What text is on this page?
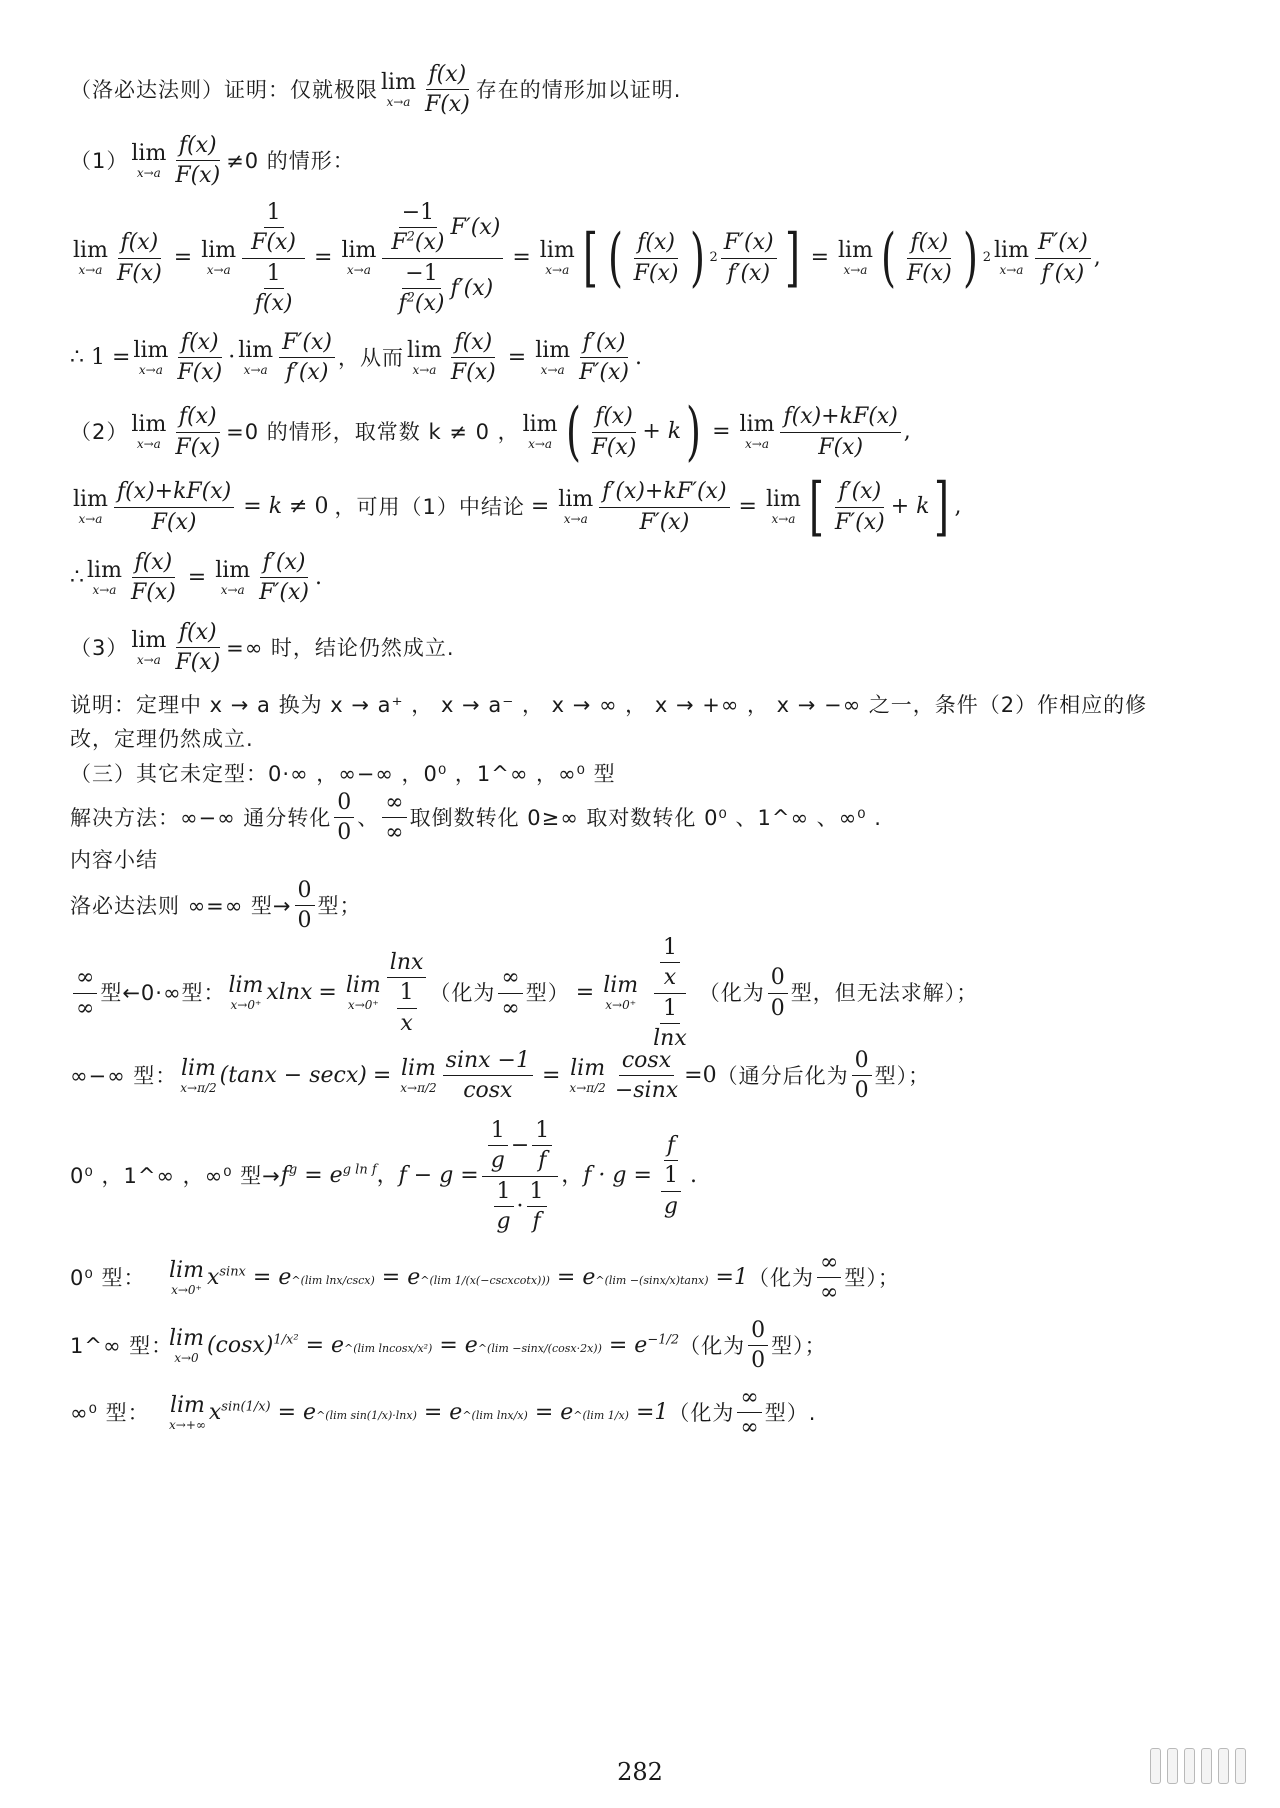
（洛必达法则）证明：仅就极限 lim
$x\to a \frac{f(x)}{F(x)}$ 存在的情形加以证明.
（1） lim
$x\to a \frac{f(x)}{F(x)} \ne 0$ 的情形：
lim
$x\to a \frac{f(x)}{F(x)} = \lim$
$x\to a \frac{\frac{1}{F(x)}}{\frac{1}{f(x)}} = \lim$
$x\to a \frac{\frac{-1}{F^2(x)} F'(x)}{\frac{-1}{f^2(x)} f'(x)} = \lim$
x→a	( [ $\frac{f(x)}{F(x)}$
) $2 \frac{F'(x)}{f'(x)}$
] = lim
x→a ( $\frac{f(x)}{F(x)}$
) 2 lim
$x\to a \frac{F'(x)}{f'(x)}$ ,
∴ 1 = lim
$x\to a \frac{f(x)}{F(x)} \cdot \lim$
$x\to a \frac{F'(x)}{f'(x)}$ ，从而 lim
$x\to a \frac{f(x)}{F(x)} = \lim$
$x\to a \frac{f'(x)}{F'(x)}$ .
（2） lim
$x\to a \frac{f(x)}{F(x)} =0$ 的情形，取常数 k ≠ 0 ， lim
x→a ( $\frac{f(x)}{F(x)} + k$
) = lim
$x\to a \frac{f(x)+kF(x)}{F(x)}$ ,
lim
$x\to a \frac{f(x)+kF(x)}{F(x)} = k \ne 0$ ，可用（1）中结论 = lim
$x\to a \frac{f'(x)+kF'(x)}{F'(x)} = \lim$
x→a [ $\frac{f'(x)}{F'(x)} + k$
] ,
∴ lim
$x\to a \frac{f(x)}{F(x)} = \lim$
$x\to a \frac{f'(x)}{F'(x)}$ .
（3） lim
$x\to a \frac{f(x)}{F(x)}$ =∞ 时，结论仍然成立.
说明：定理中 x → a 换为 x → a⁺ ， x → a⁻ ， x → ∞ ， x → +∞ ， x → −∞ 之一，条件（2）作相应的修
改，定理仍然成立.
（三）其它未定型：0·∞ ，∞−∞ ，0⁰ ，1^∞ ，∞⁰ 型
解决方法：∞−∞ 通分转化 $\frac{0}{0}$ 、 $\frac{\infty}{\infty}$ 取倒数转化 0≥∞ 取对数转化 0⁰ 、1^∞ 、∞⁰ .
内容小结
洛必达法则 ∞=∞ 型→ $\frac{0}{0}$ 型；
$\frac{\infty}{\infty}$ 型←0·∞型： lim
x→0⁺ xlnx = lim
$x\to 0^+ \frac{\ln x}{\frac{1}{x}}$ （化为 $\frac{\infty}{\infty}$ 型） = lim
$x\to 0^+ \frac{\frac{1}{x}}{\frac{1}{\ln x}}$ （化为 $\frac{0}{0}$ 型，但无法求解）；
∞−∞ 型： lim
x→π/2 (tanx − secx) = lim
$x\to\pi/2 \frac{\sin x -1}{\cos x} = \lim$
$x\to\pi/2 \frac{\cos x}{-\sin x} =0$ （通分后化为 $\frac{0}{0}$ 型）；
0⁰ ，1^∞ ，∞⁰ 型→ $f^g = e^{g ln f}$ ， $f - g = \frac{\frac{1}{g} - \frac{1}{f}}{\frac{1}{g} \cdot \frac{1}{f}}$ ， $f \cdot g = \frac{f}{\frac{1}{g}}$ .
0⁰ 型：	lim
x→0⁺ $x^{sinx}$ = e^(lim lnx/cscx) = e^(lim 1/(x(−cscxcotx))) = e^(lim −(sinx/x)tanx) =1 （化为 $\frac{\infty}{\infty}$ 型）；
1^∞ 型：
lim
x→0 $(\cos x)^{1/x^2}$ = e^(lim lncosx/x²) = e^(lim $-\sin x/(\cos x\cdot 2x)) = e^{-1/2}$ （化为 $\frac{0}{0}$ 型）；
∞⁰ 型： lim
x→+∞ $x^{sin(1/x)}$ = e^(lim sin(1/x)·lnx) = e^(lim lnx/x) = e^(lim 1/x) =1 （化为 $\frac{\infty}{\infty}$ 型）.
282
